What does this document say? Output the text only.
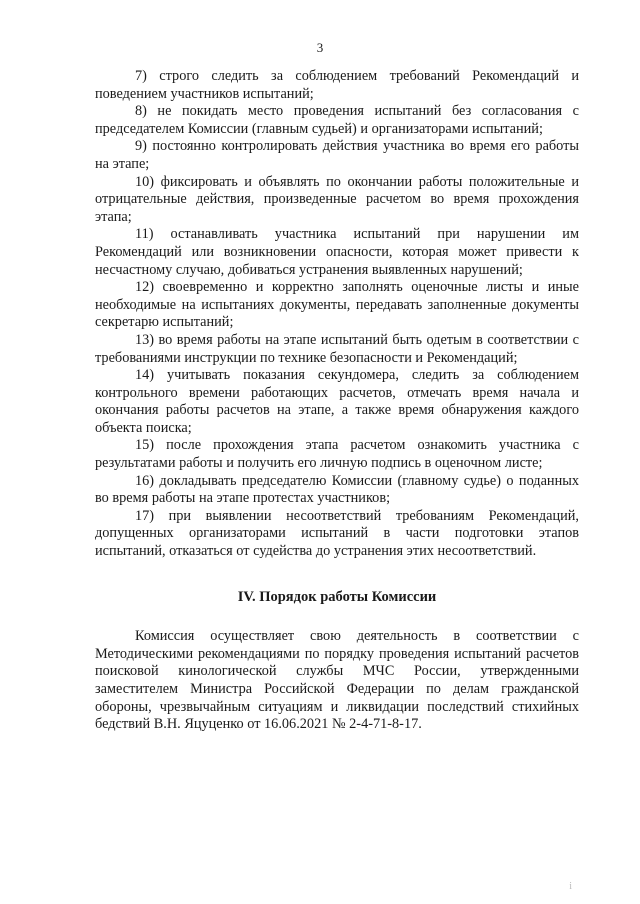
3

7) строго следить за соблюдением требований Рекомендаций и поведением участников испытаний;

8) не покидать место проведения испытаний без согласования с председателем Комиссии (главным судьей) и организаторами испытаний;

9) постоянно контролировать действия участника во время его работы на этапе;

10) фиксировать и объявлять по окончании работы положительные и отрицательные действия, произведенные расчетом во время прохождения этапа;

11) останавливать участника испытаний при нарушении им Рекомендаций или возникновении опасности, которая может привести к несчастному случаю, добиваться устранения выявленных нарушений;

12) своевременно и корректно заполнять оценочные листы и иные необходимые на испытаниях документы, передавать заполненные документы секретарю испытаний;

13) во время работы на этапе испытаний быть одетым в соответствии с требованиями инструкции по технике безопасности и Рекомендаций;

14) учитывать показания секундомера, следить за соблюдением контрольного времени работающих расчетов, отмечать время начала и окончания работы расчетов на этапе, а также время обнаружения каждого объекта поиска;

15) после прохождения этапа расчетом ознакомить участника с результатами работы и получить его личную подпись в оценочном листе;

16) докладывать председателю Комиссии (главному судье) о поданных во время работы на этапе протестах участников;

17) при выявлении несоответствий требованиям Рекомендаций, допущенных организаторами испытаний в части подготовки этапов испытаний, отказаться от судейства до устранения этих несоответствий.

IV. Порядок работы Комиссии

Комиссия осуществляет свою деятельность в соответствии с Методическими рекомендациями по порядку проведения испытаний расчетов поисковой кинологической службы МЧС России, утвержденными заместителем Министра Российской Федерации по делам гражданской обороны, чрезвычайным ситуациям и ликвидации последствий стихийных бедствий В.Н. Яцуценко от 16.06.2021 № 2-4-71-8-17.

і
